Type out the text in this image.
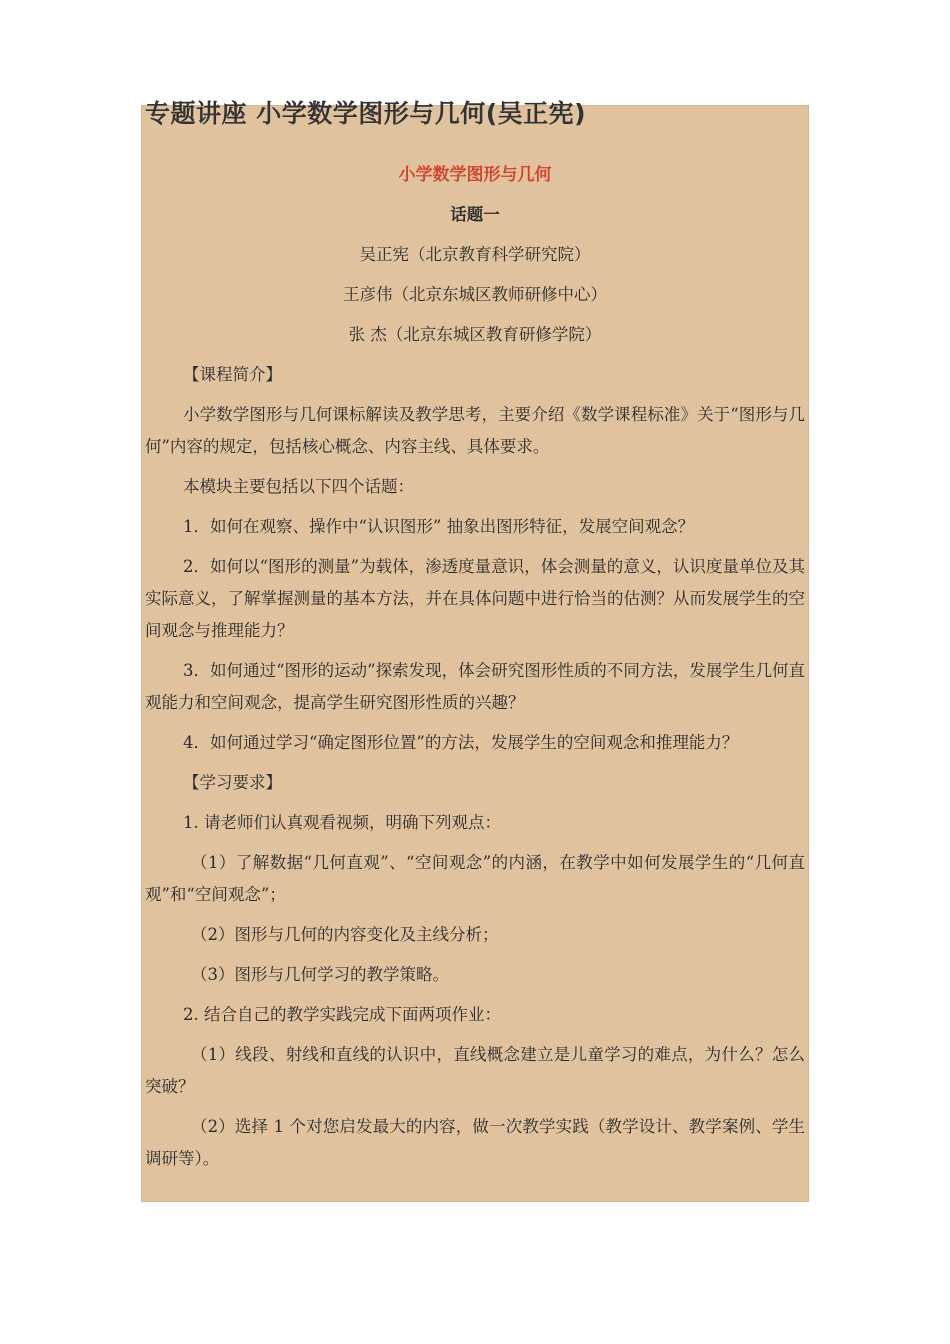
专题讲座 小学数学图形与几何(吴正宪)

小学数学图形与几何

话题一

吴正宪（北京教育科学研究院）

王彦伟（北京东城区教师研修中心）

张 杰（北京东城区教育研修学院）

【课程简介】

小学数学图形与几何课标解读及教学思考，主要介绍《数学课程标准》关于“图形与几何”内容的规定，包括核心概念、内容主线、具体要求。

本模块主要包括以下四个话题：

1．如何在观察、操作中“认识图形” 抽象出图形特征，发展空间观念？

2．如何以“图形的测量”为载体，渗透度量意识，体会测量的意义，认识度量单位及其实际意义，了解掌握测量的基本方法，并在具体问题中进行恰当的估测？从而发展学生的空间观念与推理能力？

3．如何通过“图形的运动”探索发现，体会研究图形性质的不同方法，发展学生几何直观能力和空间观念，提高学生研究图形性质的兴趣？

4．如何通过学习“确定图形位置”的方法，发展学生的空间观念和推理能力？

【学习要求】

1. 请老师们认真观看视频，明确下列观点：

（1）了解数据“几何直观”、“空间观念”的内涵，在教学中如何发展学生的“几何直观”和“空间观念”；

（2）图形与几何的内容变化及主线分析；

（3）图形与几何学习的教学策略。

2. 结合自己的教学实践完成下面两项作业：

（1）线段、射线和直线的认识中，直线概念建立是儿童学习的难点，为什么？怎么突破？

（2）选择 1 个对您启发最大的内容，做一次教学实践（教学设计、教学案例、学生调研等）。
